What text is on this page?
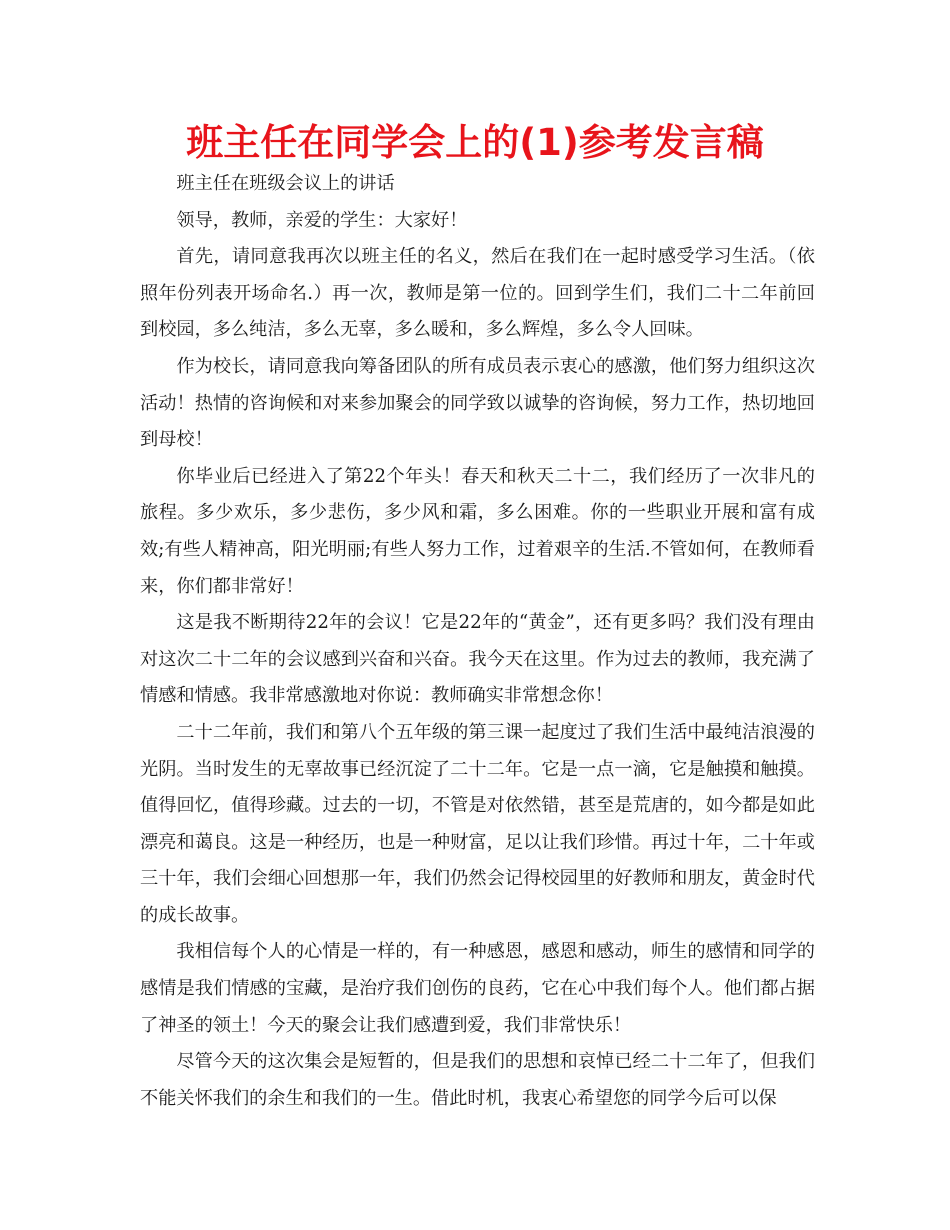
班主任在同学会上的(1)参考发言稿

班主任在班级会议上的讲话

领导，教师，亲爱的学生：大家好！

首先，请同意我再次以班主任的名义，然后在我们在一起时感受学习生活。（依照年份列表开场命名.）再一次，教师是第一位的。回到学生们，我们二十二年前回到校园，多么纯洁，多么无辜，多么暖和，多么辉煌，多么令人回味。

作为校长，请同意我向筹备团队的所有成员表示衷心的感激，他们努力组织这次活动！热情的咨询候和对来参加聚会的同学致以诚挚的咨询候，努力工作，热切地回到母校！

你毕业后已经进入了第22个年头！春天和秋天二十二，我们经历了一次非凡的旅程。多少欢乐，多少悲伤，多少风和霜，多么困难。你的一些职业开展和富有成效;有些人精神高，阳光明丽;有些人努力工作，过着艰辛的生活.不管如何，在教师看来，你们都非常好！

这是我不断期待22年的会议！它是22年的“黄金”，还有更多吗？我们没有理由对这次二十二年的会议感到兴奋和兴奋。我今天在这里。作为过去的教师，我充满了情感和情感。我非常感激地对你说：教师确实非常想念你！

二十二年前，我们和第八个五年级的第三课一起度过了我们生活中最纯洁浪漫的光阴。当时发生的无辜故事已经沉淀了二十二年。它是一点一滴，它是触摸和触摸。值得回忆，值得珍藏。过去的一切，不管是对依然错，甚至是荒唐的，如今都是如此漂亮和蔼良。这是一种经历，也是一种财富，足以让我们珍惜。再过十年，二十年或三十年，我们会细心回想那一年，我们仍然会记得校园里的好教师和朋友，黄金时代的成长故事。

我相信每个人的心情是一样的，有一种感恩，感恩和感动，师生的感情和同学的感情是我们情感的宝藏，是治疗我们创伤的良药，它在心中我们每个人。他们都占据了神圣的领土！今天的聚会让我们感遭到爱，我们非常快乐！

尽管今天的这次集会是短暂的，但是我们的思想和哀悼已经二十二年了，但我们不能关怀我们的余生和我们的一生。借此时机，我衷心希望您的同学今后可以保
